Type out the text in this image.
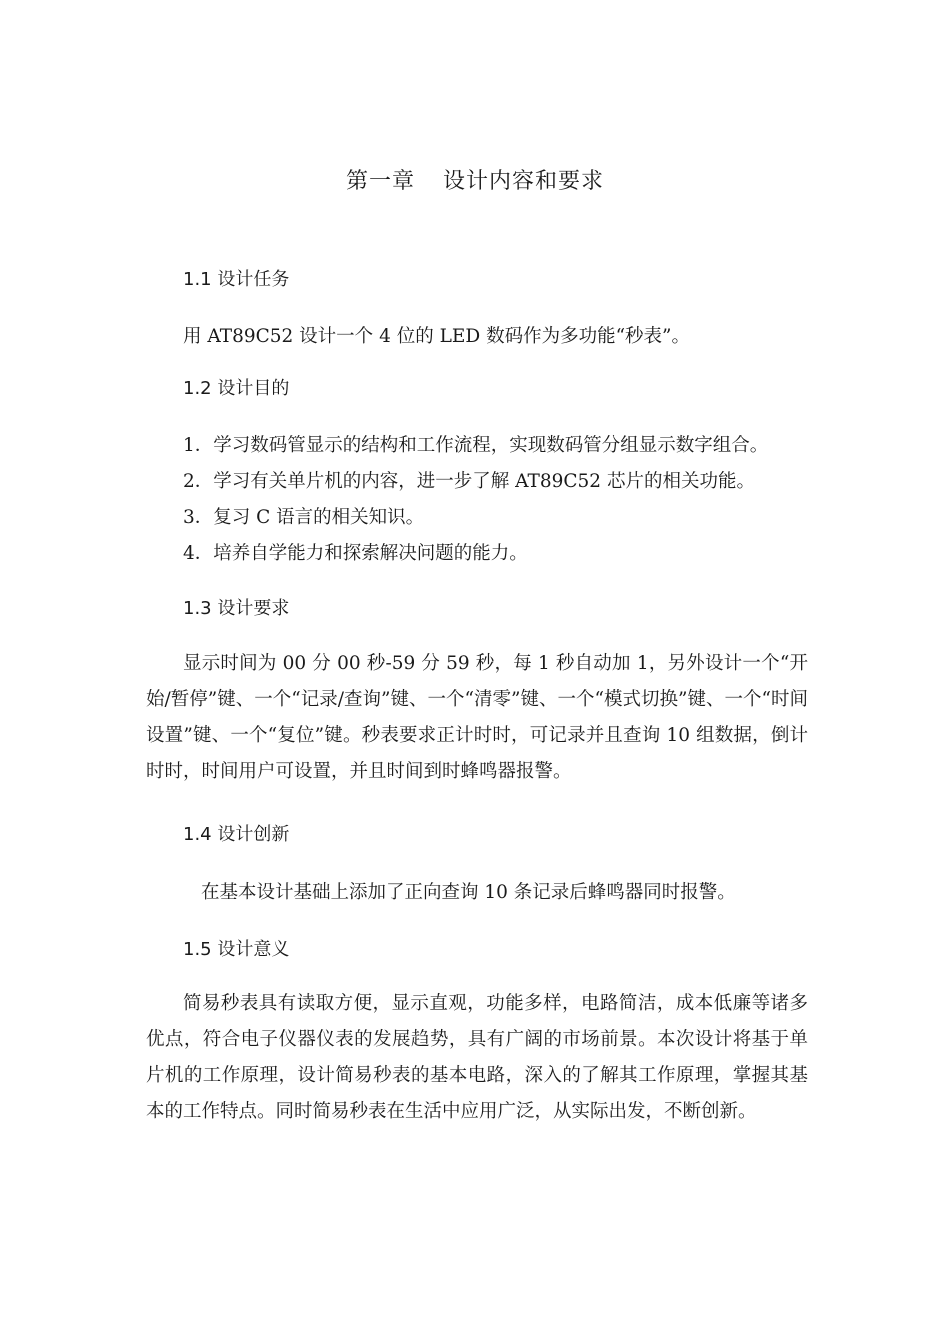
第一章 设计内容和要求
1.1 设计任务
用 AT89C52 设计一个 4 位的 LED 数码作为多功能“秒表”。
1.2 设计目的
1．学习数码管显示的结构和工作流程，实现数码管分组显示数字组合。
2．学习有关单片机的内容，进一步了解 AT89C52 芯片的相关功能。
3．复习 C 语言的相关知识。
4．培养自学能力和探索解决问题的能力。
1.3 设计要求
显示时间为 00 分 00 秒-59 分 59 秒，每 1 秒自动加 1，另外设计一个“开始/暂停”键、一个“记录/查询”键、一个“清零”键、一个“模式切换”键、一个“时间设置”键、一个“复位”键。秒表要求正计时时，可记录并且查询 10 组数据，倒计时时，时间用户可设置，并且时间到时蜂鸣器报警。
1.4 设计创新
在基本设计基础上添加了正向查询 10 条记录后蜂鸣器同时报警。
1.5 设计意义
简易秒表具有读取方便，显示直观，功能多样，电路简洁，成本低廉等诸多优点，符合电子仪器仪表的发展趋势，具有广阔的市场前景。本次设计将基于单片机的工作原理，设计简易秒表的基本电路，深入的了解其工作原理，掌握其基本的工作特点。同时简易秒表在生活中应用广泛，从实际出发，不断创新。
